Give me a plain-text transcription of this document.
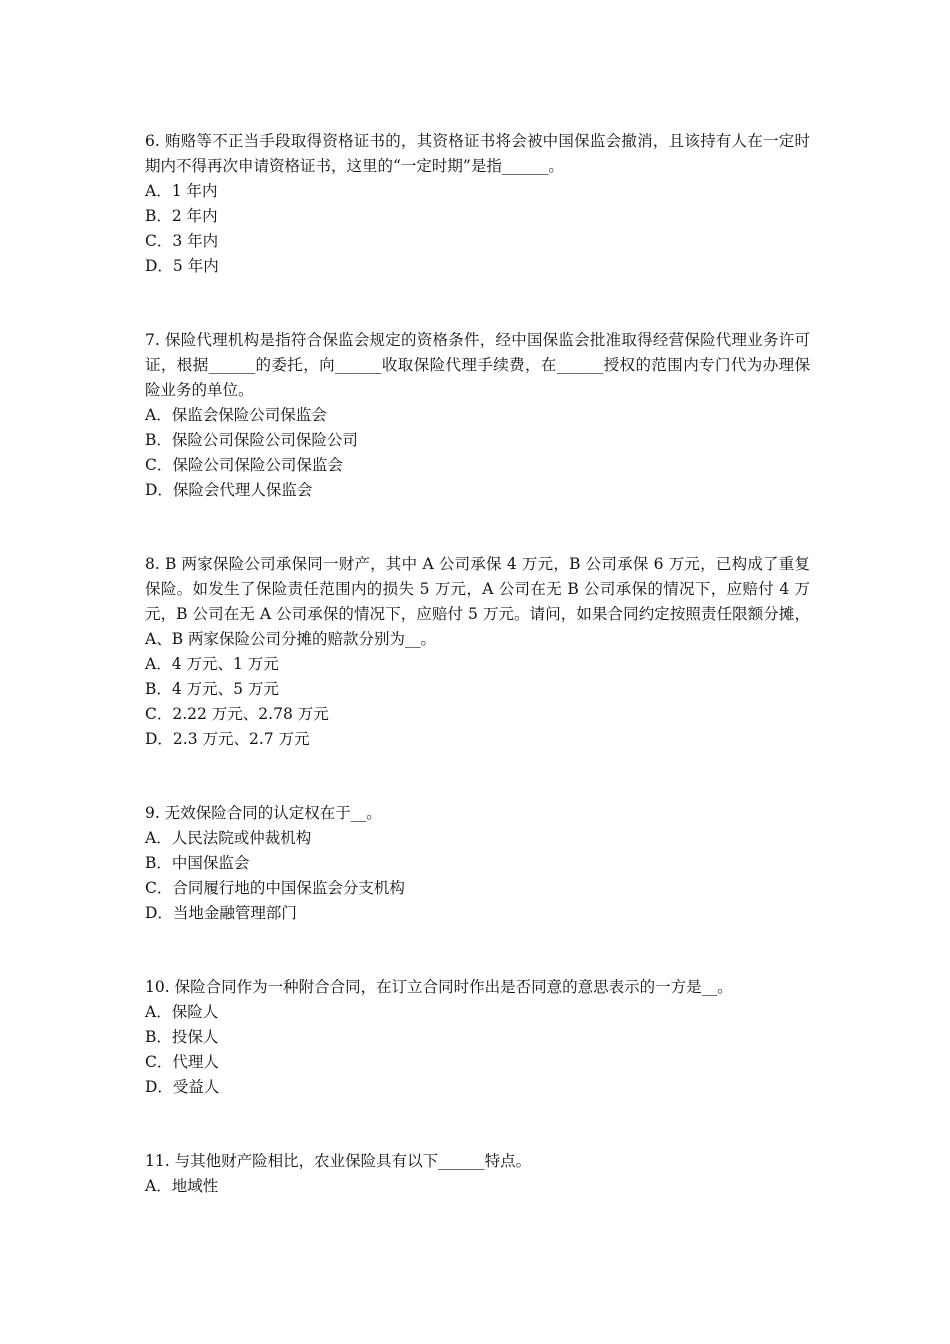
6. 贿赂等不正当手段取得资格证书的，其资格证书将会被中国保监会撤消，且该持有人在一定时期内不得再次申请资格证书，这里的“一定时期”是指______。

A．1 年内

B．2 年内

C．3 年内

D．5 年内

7. 保险代理机构是指符合保监会规定的资格条件，经中国保监会批准取得经营保险代理业务许可证，根据______的委托，向______收取保险代理手续费，在______授权的范围内专门代为办理保险业务的单位。

A．保监会保险公司保监会

B．保险公司保险公司保险公司

C．保险公司保险公司保监会

D．保险会代理人保监会

8. B 两家保险公司承保同一财产，其中 A 公司承保 4 万元，B 公司承保 6 万元，已构成了重复保险。如发生了保险责任范围内的损失 5 万元，A 公司在无 B 公司承保的情况下，应赔付 4 万元，B 公司在无 A 公司承保的情况下，应赔付 5 万元。请问，如果合同约定按照责任限额分摊，A、B 两家保险公司分摊的赔款分别为__。

A．4 万元、1 万元

B．4 万元、5 万元

C．2.22 万元、2.78 万元

D．2.3 万元、2.7 万元

9. 无效保险合同的认定权在于__。

A．人民法院或仲裁机构

B．中国保监会

C．合同履行地的中国保监会分支机构

D．当地金融管理部门

10. 保险合同作为一种附合合同，在订立合同时作出是否同意的意思表示的一方是__。

A．保险人

B．投保人

C．代理人

D．受益人

11. 与其他财产险相比，农业保险具有以下______特点。

A．地域性
